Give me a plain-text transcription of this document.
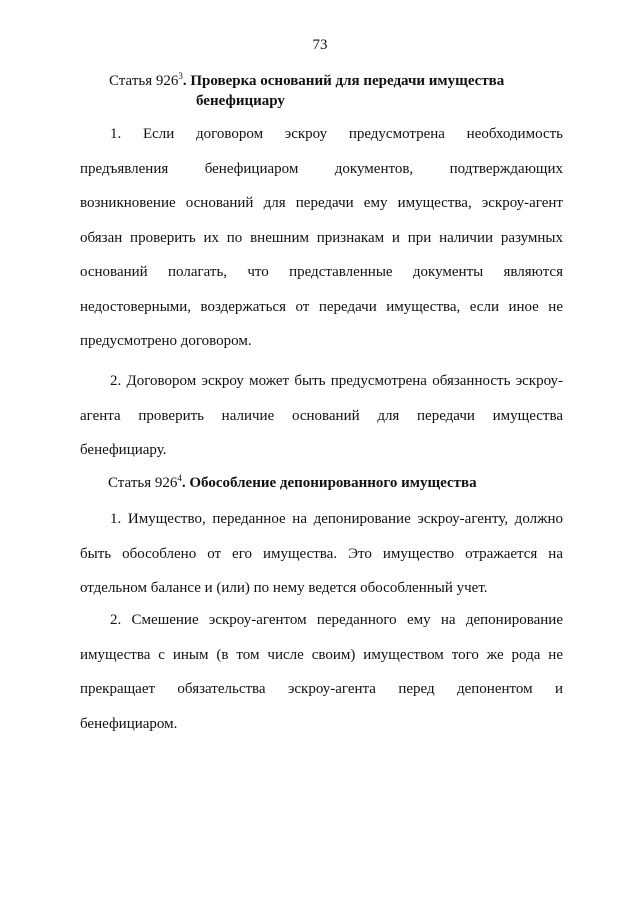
73
Статья $926^3$. Проверка оснований для передачи имущества
бенефициару

1. Если договором эскроу предусмотрена необходимость предъявления бенефициаром документов, подтверждающих возникновение оснований для передачи ему имущества, эскроу-агент обязан проверить их по внешним признакам и при наличии разумных оснований полагать, что представленные документы являются недостоверными, воздержаться от передачи имущества, если иное не предусмотрено договором.

2. Договором эскроу может быть предусмотрена обязанность эскроу-агента проверить наличие оснований для передачи имущества бенефициару.

Статья $926^4$. Обособление депонированного имущества

1. Имущество, переданное на депонирование эскроу-агенту, должно быть обособлено от его имущества. Это имущество отражается на отдельном балансе и (или) по нему ведется обособленный учет.

2. Смешение эскроу-агентом переданного ему на депонирование имущества с иным (в том числе своим) имуществом того же рода не прекращает обязательства эскроу-агента перед депонентом и бенефициаром.
